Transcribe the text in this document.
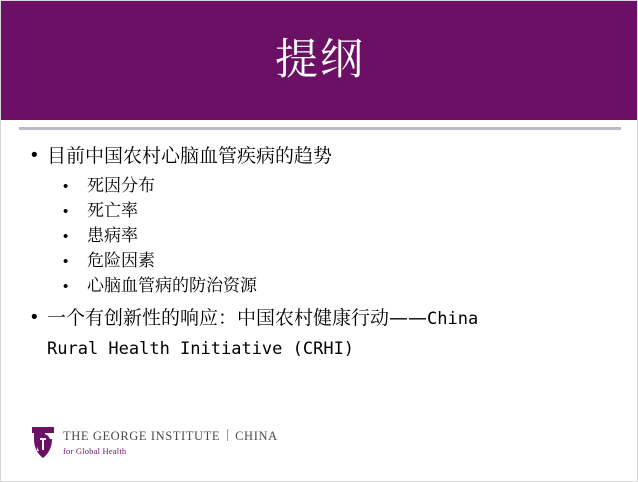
提纲
• 目前中国农村心脑血管疾病的趋势
•	死因分布
•	死亡率
•	患病率
•	危险因素
•	心脑血管病的防治资源
• 一个有创新性的响应：中国农村健康行动——China
Rural Health Initiative (CRHI)
THE GEORGE INSTITUTE CHINA
for Global Health
